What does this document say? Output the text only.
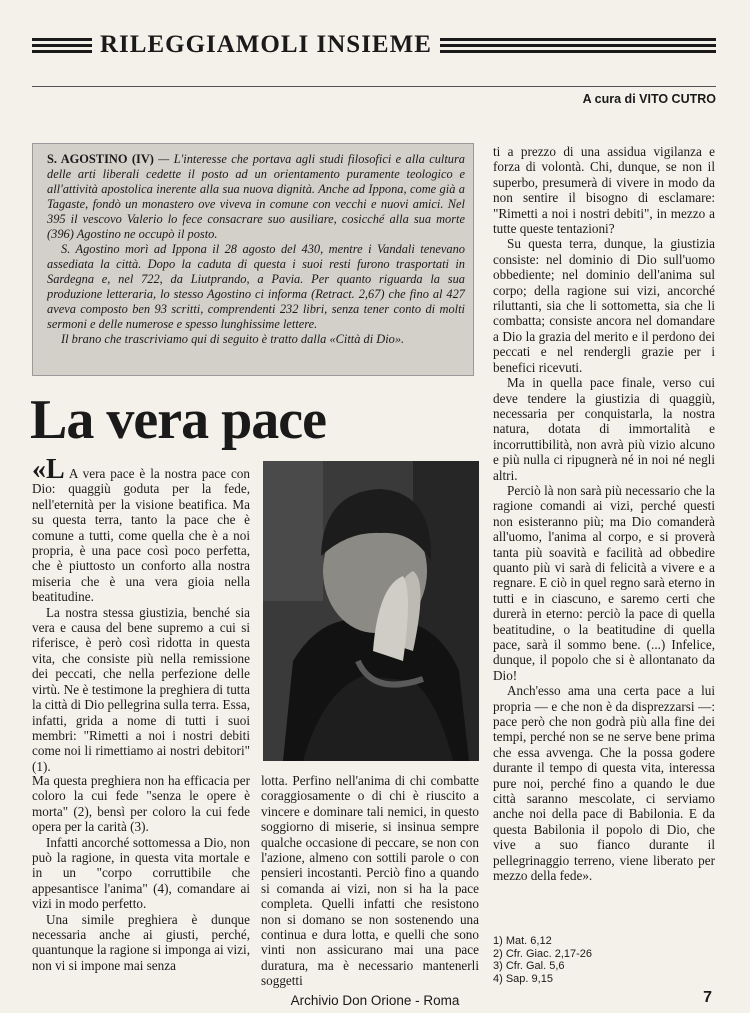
RILEGGIAMOLI INSIEME
A cura di VITO CUTRO

S. AGOSTINO (IV) — L'interesse che portava agli studi filosofici e alla cultura delle arti liberali cedette il posto ad un orientamento puramente teologico e all'attività apostolica inerente alla sua nuova dignità. Anche ad Ippona, come già a Tagaste, fondò un monastero ove viveva in comune con vecchi e nuovi amici. Nel 395 il vescovo Valerio lo fece consacrare suo ausiliare, cosicché alla sua morte (396) Agostino ne occupò il posto.

S. Agostino morì ad Ippona il 28 agosto del 430, mentre i Vandali tenevano assediata la città. Dopo la caduta di questa i suoi resti furono trasportati in Sardegna e, nel 722, da Liutprando, a Pavia. Per quanto riguarda la sua produzione letteraria, lo stesso Agostino ci informa (Retract. 2,67) che fino al 427 aveva composto ben 93 scritti, comprendenti 232 libri, senza tener conto di molti sermoni e delle numerose e spesso lunghissime lettere.

Il brano che trascriviamo qui di seguito è tratto dalla «Città di Dio».

La vera pace

«L A vera pace è la nostra pace con Dio: quaggiù goduta per la fede, nell'eternità per la visione beatifica. Ma su questa terra, tanto la pace che è comune a tutti, come quella che è a noi propria, è una pace così poco perfetta, che è piuttosto un conforto alla nostra miseria che è una vera gioia nella beatitudine.

La nostra stessa giustizia, benché sia vera e causa del bene supremo a cui si riferisce, è però così ridotta in questa vita, che consiste più nella remissione dei peccati, che nella perfezione delle virtù. Ne è testimone la preghiera di tutta la città di Dio pellegrina sulla terra. Essa, infatti, grida a nome di tutti i suoi membri: "Rimetti a noi i nostri debiti come noi li rimettiamo ai nostri debitori" (1).

Ma questa preghiera non ha efficacia per coloro la cui fede "senza le opere è morta" (2), bensì per coloro la cui fede opera per la carità (3).

Infatti ancorché sottomessa a Dio, non può la ragione, in questa vita mortale e in un "corpo corruttibile che appesantisce l'anima" (4), comandare ai vizi in modo perfetto.

Una simile preghiera è dunque necessaria anche ai giusti, perché, quantunque la ragione si imponga ai vizi, non vi si impone mai senza

lotta. Perfino nell'anima di chi combatte coraggiosamente o di chi è riuscito a vincere e dominare tali nemici, in questo soggiorno di miserie, si insinua sempre qualche occasione di peccare, se non con l'azione, almeno con sottili parole o con pensieri incostanti. Perciò fino a quando si comanda ai vizi, non si ha la pace completa. Quelli infatti che resistono non si domano se non sostenendo una continua e dura lotta, e quelli che sono vinti non assicurano mai una pace duratura, ma è necessario mantenerli soggetti

ti a prezzo di una assidua vigilanza e forza di volontà. Chi, dunque, se non il superbo, presumerà di vivere in modo da non sentire il bisogno di esclamare: "Rimetti a noi i nostri debiti", in mezzo a tutte queste tentazioni?

Su questa terra, dunque, la giustizia consiste: nel dominio di Dio sull'uomo obbediente; nel dominio dell'anima sul corpo; della ragione sui vizi, ancorché riluttanti, sia che li sottometta, sia che li combatta; consiste ancora nel domandare a Dio la grazia del merito e il perdono dei peccati e nel rendergli grazie per i benefici ricevuti.

Ma in quella pace finale, verso cui deve tendere la giustizia di quaggiù, necessaria per conquistarla, la nostra natura, dotata di immortalità e incorruttibilità, non avrà più vizio alcuno e più nulla ci ripugnerà né in noi né negli altri.

Perciò là non sarà più necessario che la ragione comandi ai vizi, perché questi non esisteranno più; ma Dio comanderà all'uomo, l'anima al corpo, e si proverà tanta più soavità e facilità ad obbedire quanto più vi sarà di felicità a vivere e a regnare. E ciò in quel regno sarà eterno in tutti e in ciascuno, e saremo certi che durerà in eterno: perciò la pace di quella beatitudine, o la beatitudine di quella pace, sarà il sommo bene. (...) Infelice, dunque, il popolo che si è allontanato da Dio!

Anch'esso ama una certa pace a lui propria — e che non è da disprezzarsi —: pace però che non godrà più alla fine dei tempi, perché non se ne serve bene prima che essa avvenga. Che la possa godere durante il tempo di questa vita, interessa pure noi, perché fino a quando le due città saranno mescolate, ci serviamo anche noi della pace di Babilonia. E da questa Babilonia il popolo di Dio, che vive a suo fianco durante il pellegrinaggio terreno, viene liberato per mezzo della fede».

1) Mat. 6,12
2) Cfr. Giac. 2,17-26
3) Cfr. Gal. 5,6
4) Sap. 9,15
Archivio Don Orione - Roma	7
